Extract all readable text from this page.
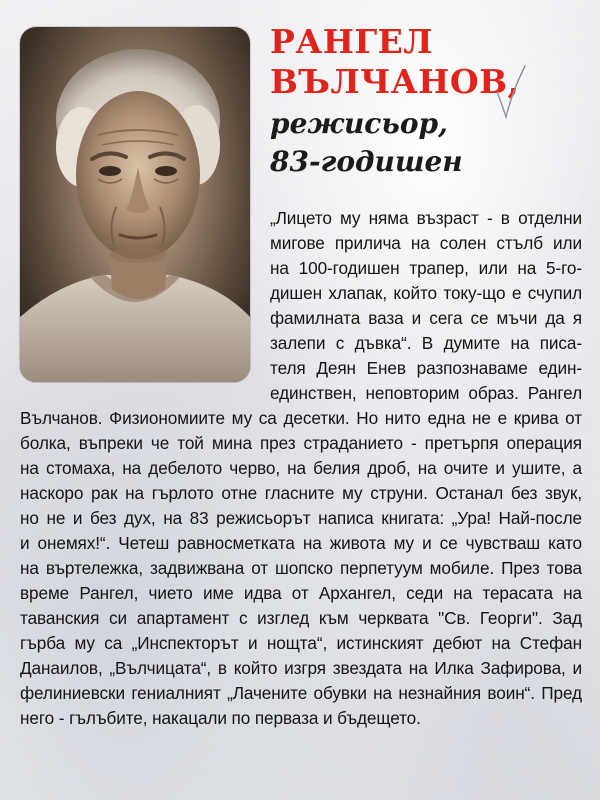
РАНГЕЛ
ВЪЛЧАНОВ,
режисьор,
83-годишен
„Лицето му няма възраст - в отделни
мигове прилича на солен стълб или
на 100-годишен трапер, или на 5-го-
дишен хлапак, който току-що е счупил
фамилната ваза и сега се мъчи да я
залепи с дъвка“. В думите на писа-
теля Деян Енев разпознаваме един-
единствен, неповторим образ. Рангел
Вълчанов. Физиономиите му са десетки. Но нито една не е крива от
болка, въпреки че той мина през страданието - претърпя операция
на стомаха, на дебелото черво, на белия дроб, на очите и ушите, а
наскоро рак на гърлото отне гласните му струни. Останал без звук,
но не и без дух, на 83 режисьорът написа книгата: „Ура! Най-после
и онемях!“. Четеш равносметката на живота му и се чувстваш като
на въртележка, задвижвана от шопско перпетуум мобиле. През това
време Рангел, чието име идва от Архангел, седи на терасата на
таванския си апартамент с изглед към черквата "Св. Георги". Зад
гърба му са „Инспекторът и нощта“, истинският дебют на Стефан
Данаилов, „Вълчицата“, в който изгря звездата на Илка Зафирова, и
фелиниевски гениалният „Лачените обувки на незнайния воин“. Пред
него - гълъбите, накацали по перваза и бъдещето.
